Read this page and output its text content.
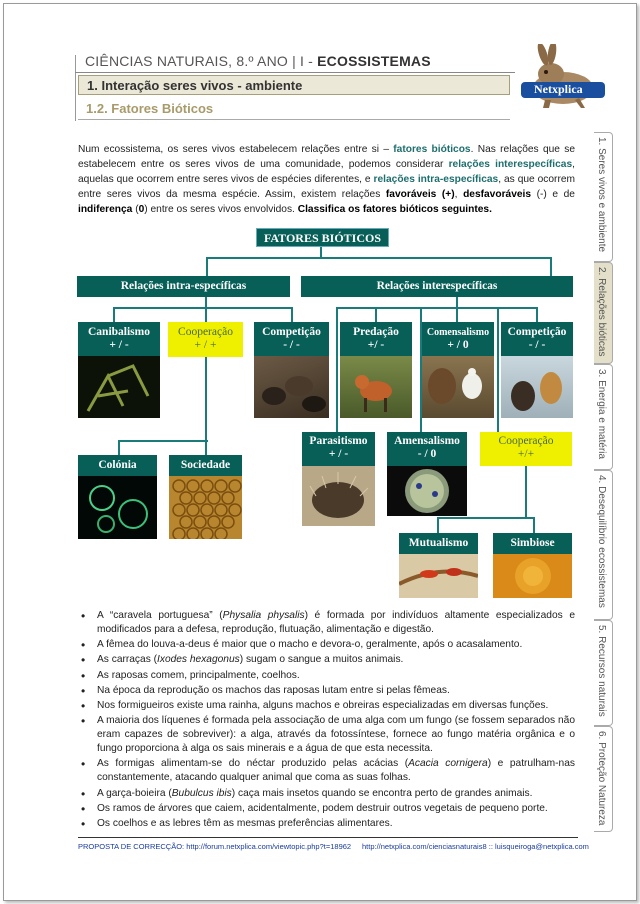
CIÊNCIAS NATURAIS, 8.º ANO | I - ECOSSISTEMAS
1. Interação seres vivos - ambiente
1.2. Fatores Bióticos
Netxplica
Num ecossistema, os seres vivos estabelecem relações entre si – fatores bióticos. Nas relações que se estabelecem entre os seres vivos de uma comunidade, podemos considerar relações interespecíficas, aquelas que ocorrem entre seres vivos de espécies diferentes, e relações intra-específicas, as que ocorrem entre seres vivos da mesma espécie. Assim, existem relações favoráveis (+), desfavoráveis (-) e de indiferença (0) entre os seres vivos envolvidos. Classifica os fatores bióticos seguintes.
FATORES BIÓTICOS
Relações intra-específicas	Relações interespecíficas
Canibalismo
+ / -
Cooperação
+ / +
Competição
- / -
Predação
+/ -
Comensalismo
+ / 0
Competição
- / -
Colónia	Sociedade
Parasitismo
+ / -
Amensalismo
- / 0
Cooperação
+/+
Mutualismo	Simbiose
• A “caravela portuguesa” (Physalia physalis) é formada por indivíduos altamente especializados e modificados para a defesa, reprodução, flutuação, alimentação e digestão.
• A fêmea do louva-a-deus é maior que o macho e devora-o, geralmente, após o acasalamento.
• As carraças (Ixodes hexagonus) sugam o sangue a muitos animais.
• As raposas comem, principalmente, coelhos.
• Na época da reprodução os machos das raposas lutam entre si pelas fêmeas.
• Nos formigueiros existe uma rainha, alguns machos e obreiras especializadas em diversas funções.
• A maioria dos líquenes é formada pela associação de uma alga com um fungo (se fossem separados não eram capazes de sobreviver): a alga, através da fotossíntese, fornece ao fungo matéria orgânica e o fungo proporciona à alga os sais minerais e a água de que esta necessita.
• As formigas alimentam-se do néctar produzido pelas acácias (Acacia cornigera) e patrulham-nas constantemente, atacando qualquer animal que coma as suas folhas.
• A garça-boieira (Bubulcus ibis) caça mais insetos quando se encontra perto de grandes animais.
• Os ramos de árvores que caiem, acidentalmente, podem destruir outros vegetais de pequeno porte.
• Os coelhos e as lebres têm as mesmas preferências alimentares.
1. Seres vivos e ambiente
2. Relações bióticas
3. Energia e matéria
4. Desequilíbrio ecossistemas
5. Recursos naturais
6. Proteção Natureza
PROPOSTA DE CORRECÇÃO: http://forum.netxplica.com/viewtopic.php?t=18962 http://netxplica.com/cienciasnaturais8 :: luisqueiroga@netxplica.com
